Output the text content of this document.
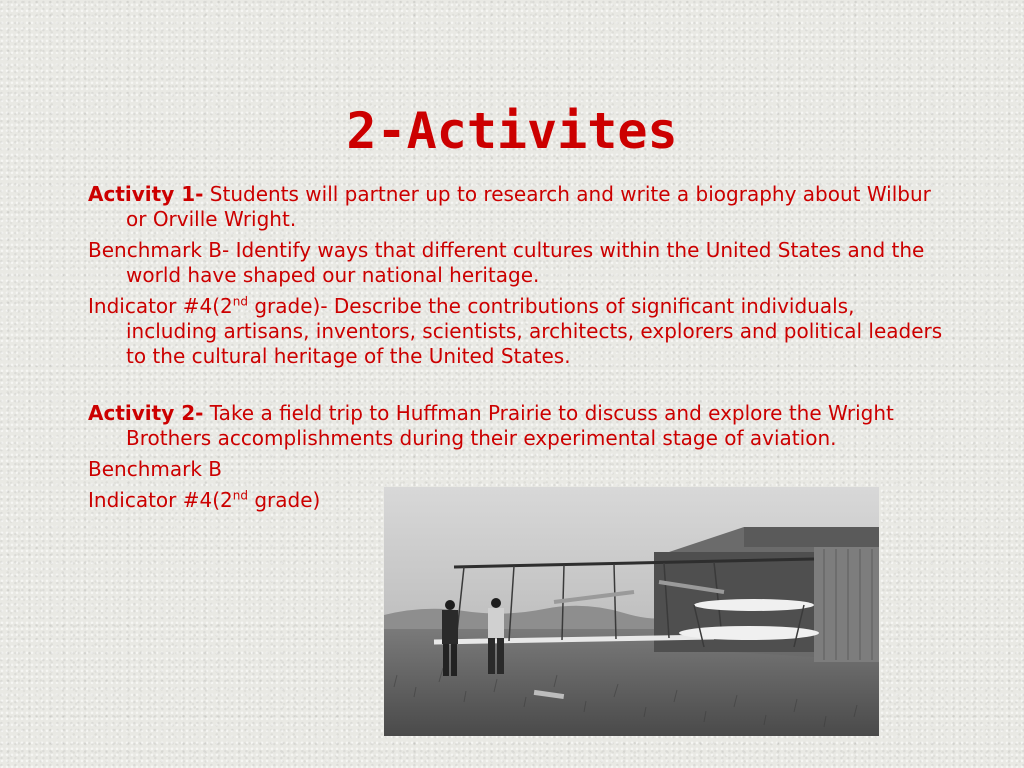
2-Activites

Activity 1- Students will partner up to research and write a biography about Wilbur or Orville Wright.

Benchmark B- Identify ways that different cultures within the United States and the world have shaped our national heritage.

Indicator #4(2nd grade)- Describe the contributions of significant individuals, including artisans, inventors, scientists, architects, explorers and political leaders to the cultural heritage of the United States.

Activity 2- Take a field trip to Huffman Prairie to discuss and explore the Wright Brothers accomplishments during their experimental stage of aviation.

Benchmark B

Indicator #4(2nd grade)
